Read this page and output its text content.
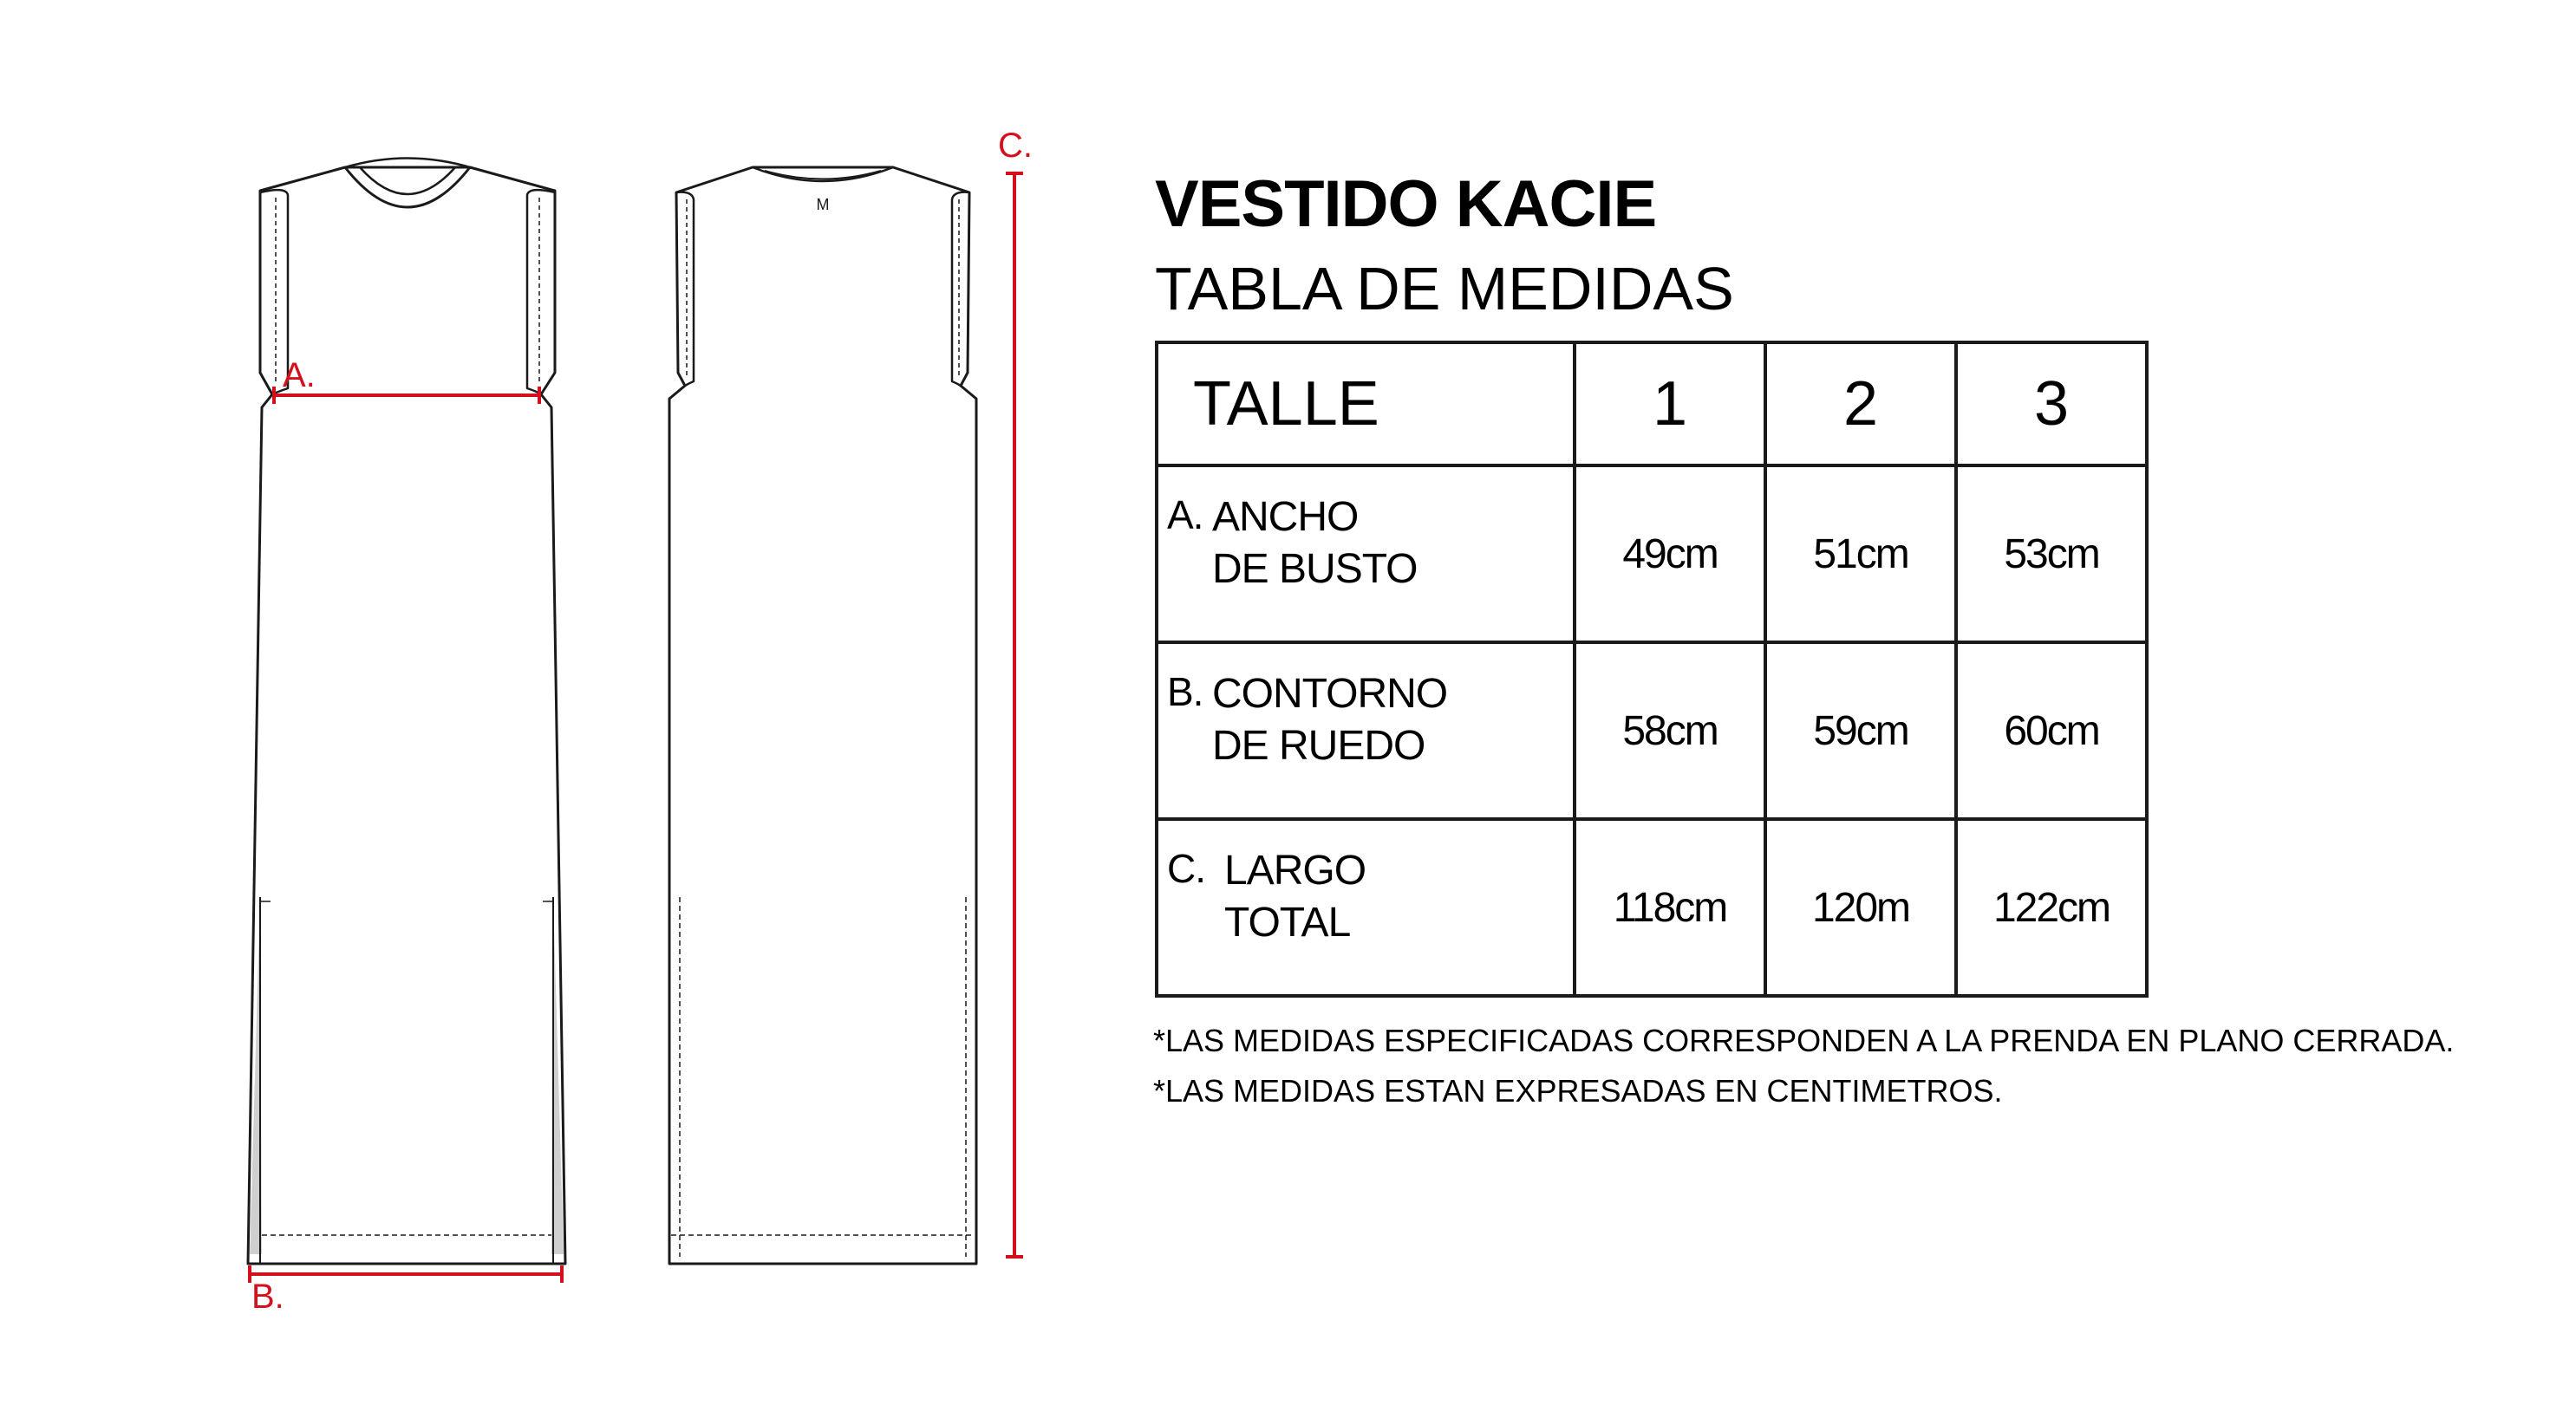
M
A.
B.
C.
VESTIDO KACIE
TABLA DE MEDIDAS
TALLE	1	2	3

A. ANCHO
DE BUSTO	49cm	51cm	53cm

B. CONTORNO
DE RUEDO	58cm	59cm	60cm

C. LARGO
TOTAL	118cm	120m	122cm
*LAS MEDIDAS ESPECIFICADAS CORRESPONDEN A LA PRENDA EN PLANO CERRADA.
*LAS MEDIDAS ESTAN EXPRESADAS EN CENTIMETROS.
